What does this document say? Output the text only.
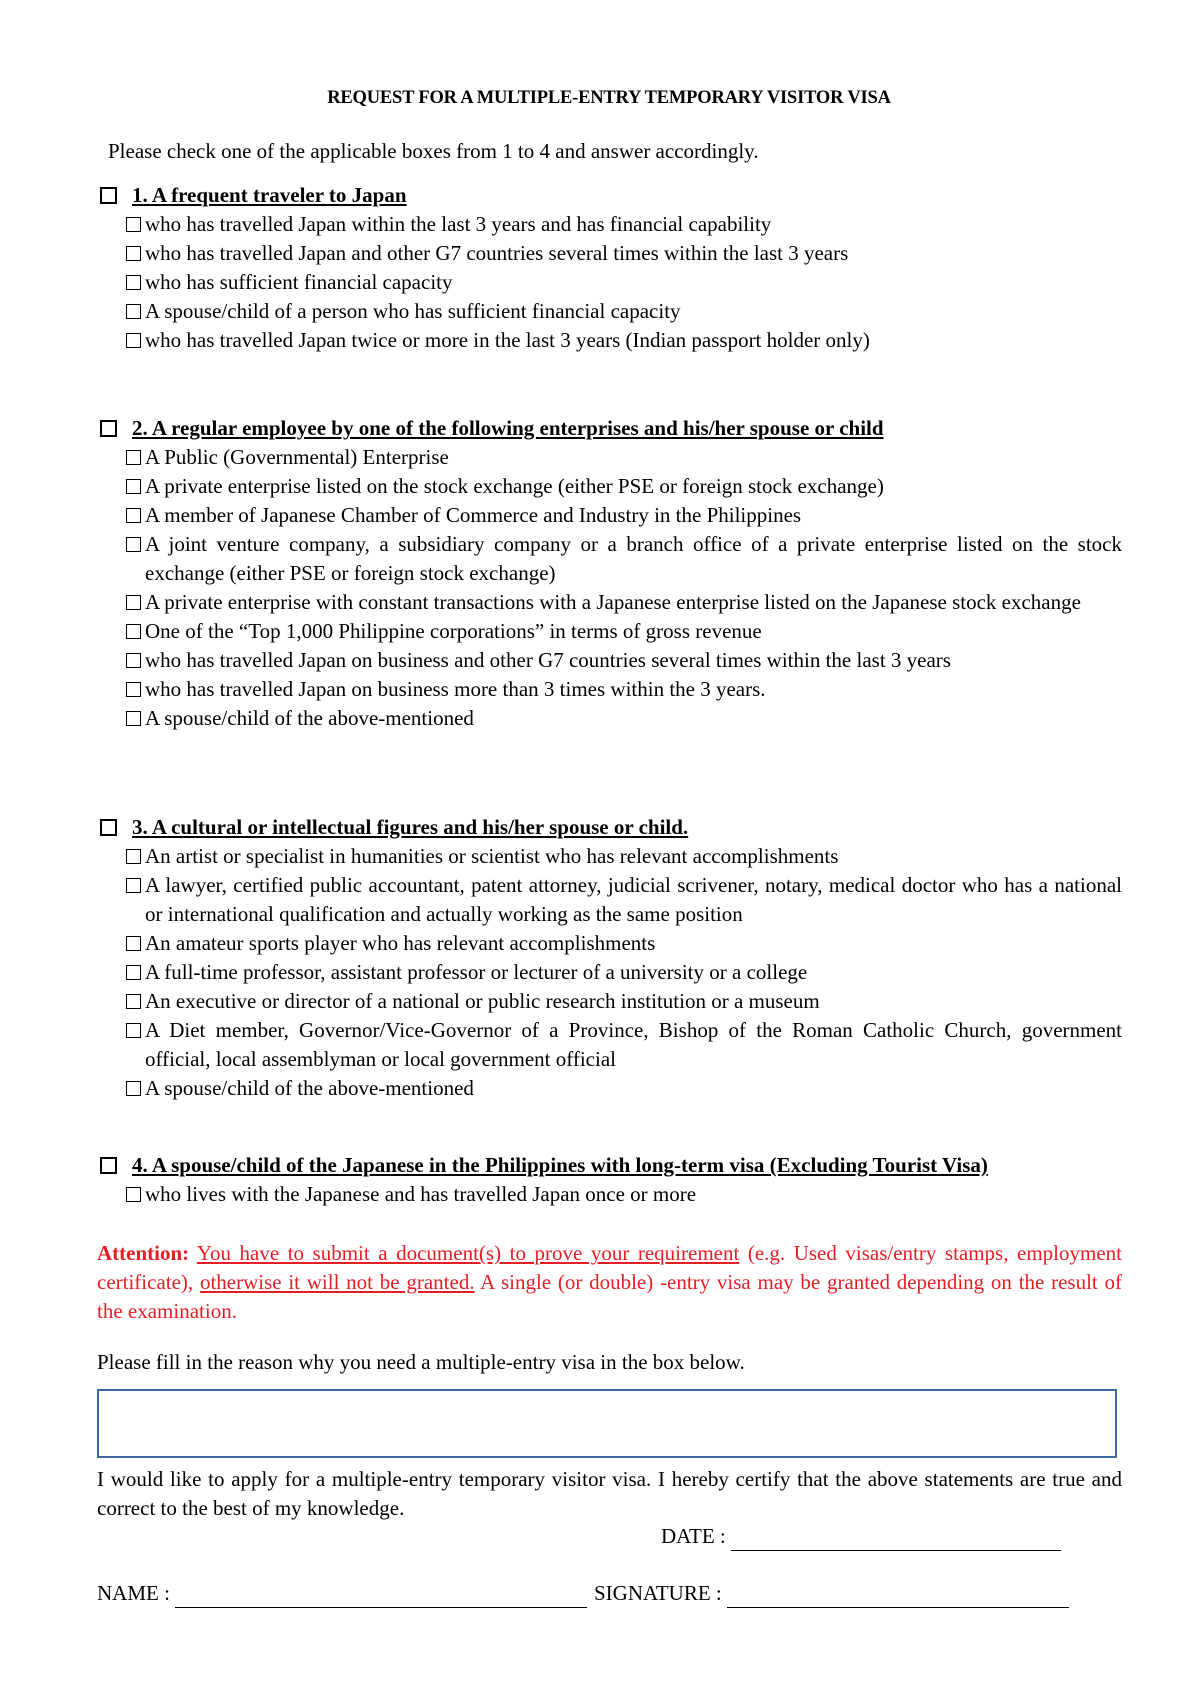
REQUEST FOR A MULTIPLE-ENTRY TEMPORARY VISITOR VISA
Please check one of the applicable boxes from 1 to 4 and answer accordingly.
1. A frequent traveler to Japan
who has travelled Japan within the last 3 years and has financial capability
who has travelled Japan and other G7 countries several times within the last 3 years
who has sufficient financial capacity
A spouse/child of a person who has sufficient financial capacity
who has travelled Japan twice or more in the last 3 years (Indian passport holder only)
2. A regular employee by one of the following enterprises and his/her spouse or child
A Public (Governmental) Enterprise
A private enterprise listed on the stock exchange (either PSE or foreign stock exchange)
A member of Japanese Chamber of Commerce and Industry in the Philippines
A joint venture company, a subsidiary company or a branch office of a private enterprise listed on the stock exchange (either PSE or foreign stock exchange)
A private enterprise with constant transactions with a Japanese enterprise listed on the Japanese stock exchange
One of the “Top 1,000 Philippine corporations” in terms of gross revenue
who has travelled Japan on business and other G7 countries several times within the last 3 years
who has travelled Japan on business more than 3 times within the 3 years.
A spouse/child of the above-mentioned
3. A cultural or intellectual figures and his/her spouse or child.
An artist or specialist in humanities or scientist who has relevant accomplishments
A lawyer, certified public accountant, patent attorney, judicial scrivener, notary, medical doctor who has a national or international qualification and actually working as the same position
An amateur sports player who has relevant accomplishments
A full-time professor, assistant professor or lecturer of a university or a college
An executive or director of a national or public research institution or a museum
A Diet member, Governor/Vice-Governor of a Province, Bishop of the Roman Catholic Church, government official, local assemblyman or local government official
A spouse/child of the above-mentioned
4. A spouse/child of the Japanese in the Philippines with long-term visa (Excluding Tourist Visa)
who lives with the Japanese and has travelled Japan once or more
Attention: You have to submit a document(s) to prove your requirement (e.g. Used visas/entry stamps, employment certificate), otherwise it will not be granted. A single (or double) -entry visa may be granted depending on the result of the examination.
Please fill in the reason why you need a multiple-entry visa in the box below.
I would like to apply for a multiple-entry temporary visitor visa. I hereby certify that the above statements are true and correct to the best of my knowledge.
DATE :
NAME :	SIGNATURE :
